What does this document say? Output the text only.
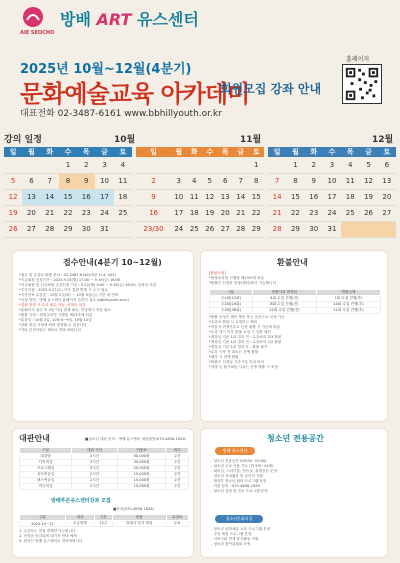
AIE SEOCHO
방배 ART 유스센터
2025년 10월~12월(4분기)
문화예술교육 아카데미
회원모집 강좌 안내
대표전화 02-3487-6161 www.bbhillyouth.or.kr
홈페이지
강의 일정	10월	11월	12월
일	월	화	수	목	금	토
			1	2	3	4
5	6	7	8	9	10	11
12	13	14	15	16	17	18
19	20	21	22	23	24	25
26	27	28	29	30	31	
일	월	화	수	목	금	토
						1
2	3	4	5	6	7	8
9	10	11	12	13	14	15
16	17	18	19	20	21	22
23/30	24	25	26	27	28	29
일	월	화	수	목	금	토
	1	2	3	4	5	6
7	8	9	10	11	12	13
14	15	16	17	18	19	20
21	22	23	24	25	26	27
28	29	30	31			
접수안내(4분기 10~12월)
*접수 및 수강료 환불 문의 : 02-3487-6161(내선 114, 402)
*기존회원 신청기간 : 2025.9.15(월) 17:00 ~ 9.19(금) 18:00
*신규회원 및 신규회원 수강신청 기간 : 9.22(월) 9:00 ~ 9.26(금) 18:00, 선착순 마감
*추가모집 : 2025.9.27(토) 이후 결원 발생 시 수시 접수
*기간만료 수강증 : 10월 2일(화) ~ 10월 3일(금) 기간 내 연락
*신청 방법 : 방배 유스센터 홈페이지 온라인 접수 (bbhillyouth.or.kr)
*결원 발생 시 수시 접수 가능, 선착순 마감
*홈페이지 접수 후 3일 이내 결제 필수, 미결제시 자동 취소
*환불 규정 : 평생교육법 시행령 제23조에 따름
*휴강일 : 10월 3일, 10월 6~9일, 10월 10일
*강좌 당일 사정에 따라 변경될 수 있습니다
*기타 문의사항은 센터로 연락 바랍니다
환불안내
[환불규정]
*평생교육법 시행령 제23조에 따름
*환불은 신청한 현장(센터)에서 가능합니다
구분	반환사유 발생일	반환금액
주1회(12회)	4회 수업 진행(전)	7회 수업 진행(후)
주2회(24회)	8회 수업 진행(전)	14회 수업 진행(후)
주3회(36회)	12회 수업 진행(전)	21회 수업 진행(후)
*환불 신청은 센터 방문 또는 유선으로 신청 가능
*수강료 환불 시 교재비는 제외
*학습자 귀책사유로 인한 환불 시 기준에 따름
*수강 개시 이후 환불 요청 시 일할 계산
*개강일 기준 1/3 경과 전 : 수강료의 2/3 환불
*개강일 기준 1/2 경과 전 : 수강료의 1/2 환불
*개강일 기준 1/2 경과 후 : 환불 불가
*수강 시작 전 취소는 전액 환불
*폐강 시 전액 환불
*환불은 신청일 기준 7일 이내 처리
*질병 등 불가피한 사유는 증빙 제출 시 조정
대관안내	■청소년 대관 문의 : 방배 유스센터 대관담당(070-4858-1828)
구분	대관 시간	이용료	비고
대강당	3시간	50,000원	주간
다목적실	3시간	30,000원	주간
프로그램실	3시간	20,000원	주간
음악연습실	2시간	15,000원	주간
댄스연습실	2시간	15,000원	주간
미디어실	2시간	10,000원	주간
방배푸른유스센터강좌 모집
■문의(070-4858-1828)
구분	대상	기간	내용	수강료
2025.10~12	초등학생	12주	클래식 악기 체험	무료
1. 수강료는 현장 결제만 가능합니다
2. 선착순 마감되며 대기자 안내 예정
3. 문의는 방배 유스센터로 연락바랍니다
청소년 전용공간
방배 유스센터
청소년문화의집
- 청소년 전용공간 (09:00~22:00)
- 청소년 무료 이용 가능 (만 9세~24세)
- 회의실, 스터디룸, 연습실, 휴게공간 운영
- 청소년 자치활동 및 동아리 지원
- 방과후 청소년 쉼터 프로그램 운영
- 이용 문의 : 070-4858-1828
- 청소년 상담 및 진로 프로그램 운영
- 청소년 문화예술 교육 프로그램 운영
- 주말 체험 프로그램 운영
- 지역사회 연계 봉사활동 지원
- 청소년 참여위원회 운영
